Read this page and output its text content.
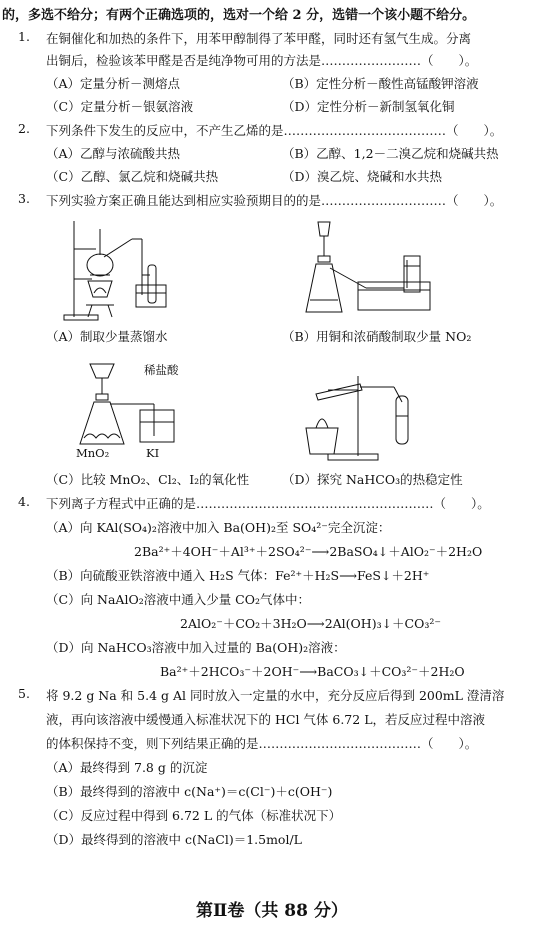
的，多选不给分；有两个正确选项的，选对一个给 2 分，选错一个该小题不给分。
1. 在铜催化和加热的条件下，用苯甲醇制得了苯甲醛，同时还有氢气生成。分离
出铜后，检验该苯甲醛是否是纯净物可用的方法是……………………（　　）。
（A）定量分析－测熔点	（B）定性分析－酸性高锰酸钾溶液
（C）定量分析－银氨溶液	（D）定性分析－新制氢氧化铜
2. 下列条件下发生的反应中，不产生乙烯的是…………………………………（　　）。
（A）乙醇与浓硫酸共热	（B）乙醇、1,2－二溴乙烷和烧碱共热
（C）乙醇、氯乙烷和烧碱共热	（D）溴乙烷、烧碱和水共热
3. 下列实验方案正确且能达到相应实验预期目的的是…………………………（　　）。
（A）制取少量蒸馏水	（B）用铜和浓硝酸制取少量 NO₂
稀盐酸
MnO₂	KI
（C）比较 MnO₂、Cl₂、I₂的氧化性	（D）探究 NaHCO₃的热稳定性
4. 下列离子方程式中正确的是…………………………………………………（　　）。
（A）向 KAl(SO₄)₂溶液中加入 Ba(OH)₂至 SO₄²⁻完全沉淀：
2Ba²⁺＋4OH⁻＋Al³⁺＋2SO₄²⁻⟶2BaSO₄↓＋AlO₂⁻＋2H₂O
（B）向硫酸亚铁溶液中通入 H₂S 气体：Fe²⁺＋H₂S⟶FeS↓＋2H⁺
（C）向 NaAlO₂溶液中通入少量 CO₂气体中：
2AlO₂⁻＋CO₂＋3H₂O⟶2Al(OH)₃↓＋CO₃²⁻
（D）向 NaHCO₃溶液中加入过量的 Ba(OH)₂溶液：
Ba²⁺＋2HCO₃⁻＋2OH⁻⟶BaCO₃↓＋CO₃²⁻＋2H₂O
5. 将 9.2 g Na 和 5.4 g Al 同时放入一定量的水中，充分反应后得到 200mL 澄清溶
液，再向该溶液中缓慢通入标准状况下的 HCl 气体 6.72 L，若反应过程中溶液
的体积保持不变，则下列结果正确的是…………………………………（　　）。
（A）最终得到 7.8 g 的沉淀
（B）最终得到的溶液中 c(Na⁺)＝c(Cl⁻)＋c(OH⁻)
（C）反应过程中得到 6.72 L 的气体（标准状况下）
（D）最终得到的溶液中 c(NaCl)＝1.5mol/L
第Ⅱ卷（共 88 分）
